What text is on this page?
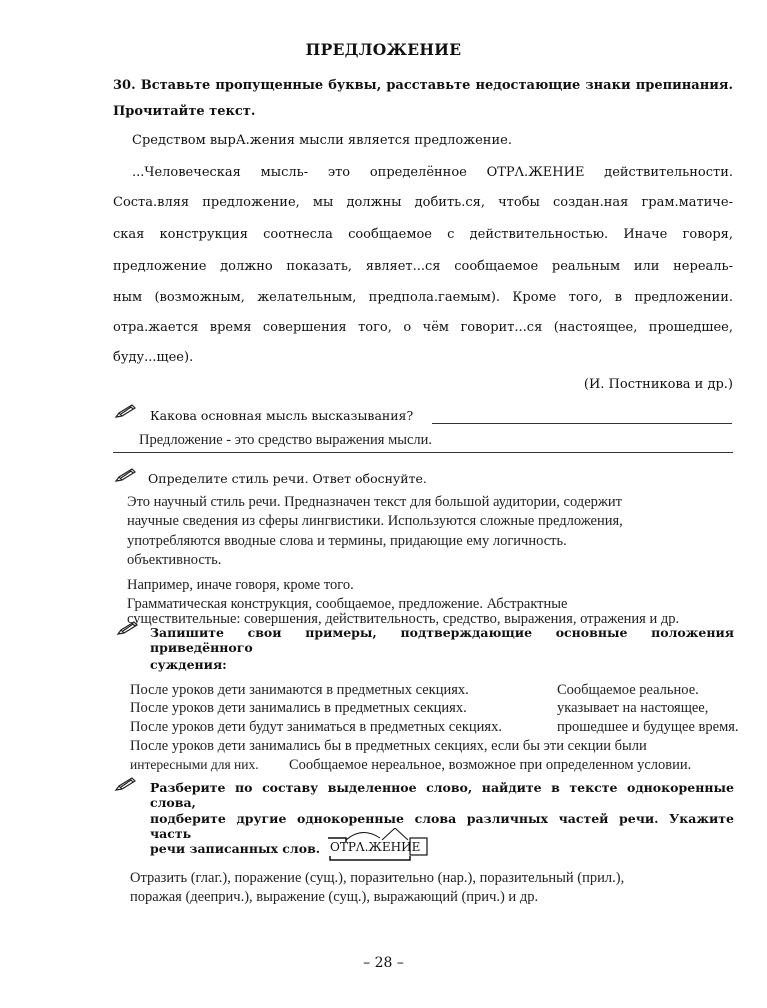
ПРЕДЛОЖЕНИЕ
30. Вставьте пропущенные буквы, расставьте недостающие знаки препинания.
Прочитайте текст.
Средством вырА.жения мысли является предложение.
...Человеческая мысль- это определённое ОТРΛ.ЖЕНИЕ действительности.
Соста.вляя предложение, мы должны добить.ся, чтобы создан.ная грам.матиче-
ская конструкция соотнесла сообщаемое с действительностью. Иначе говоря,
предложение должно показать, являет...ся сообщаемое реальным или нереаль-
ным (возможным, желательным, предпола.гаемым). Кроме того, в предложении.
отра.жается время совершения того, о чём говорит...ся (настоящее, прошедшее,
буду...щее).
(И. Постникова и др.)
Какова основная мысль высказывания?
Предложение - это средство выражения мысли.
Определите стиль речи. Ответ обоснуйте.
Это научный стиль речи. Предназначен текст для большой аудитории, содержит
научные сведения из сферы лингвистики. Используются сложные предложения,
употребляются вводные слова и термины, придающие ему логичность.
объективность.
Например, иначе говоря, кроме того.
Грамматическая конструкция, сообщаемое, предложение. Абстрактные
существительные: совершения, действительность, средство, выражения, отражения и др.
Запишите свои примеры, подтверждающие основные положения приведённого
суждения:
После уроков дети занимаются в предметных секциях.	Сообщаемое реальное.
После уроков дети занимались в предметных секциях.	указывает на настоящее,
После уроков дети будут заниматься в предметных секциях.	прошедшее и будущее время.
После уроков дети занимались бы в предметных секциях, если бы эти секции были
интересными для них. Сообщаемое нереальное, возможное при определенном условии.
Разберите по составу выделенное слово, найдите в тексте однокоренные слова,
подберите другие однокоренные слова различных частей речи. Укажите часть
речи записанных слов. ОТРΛ.ЖЕНИЕ
Отразить (глаг.), поражение (сущ.), поразительно (нар.), поразительный (прил.),
поражая (дееприч.), выражение (сущ.), выражающий (прич.) и др.
– 28 –
